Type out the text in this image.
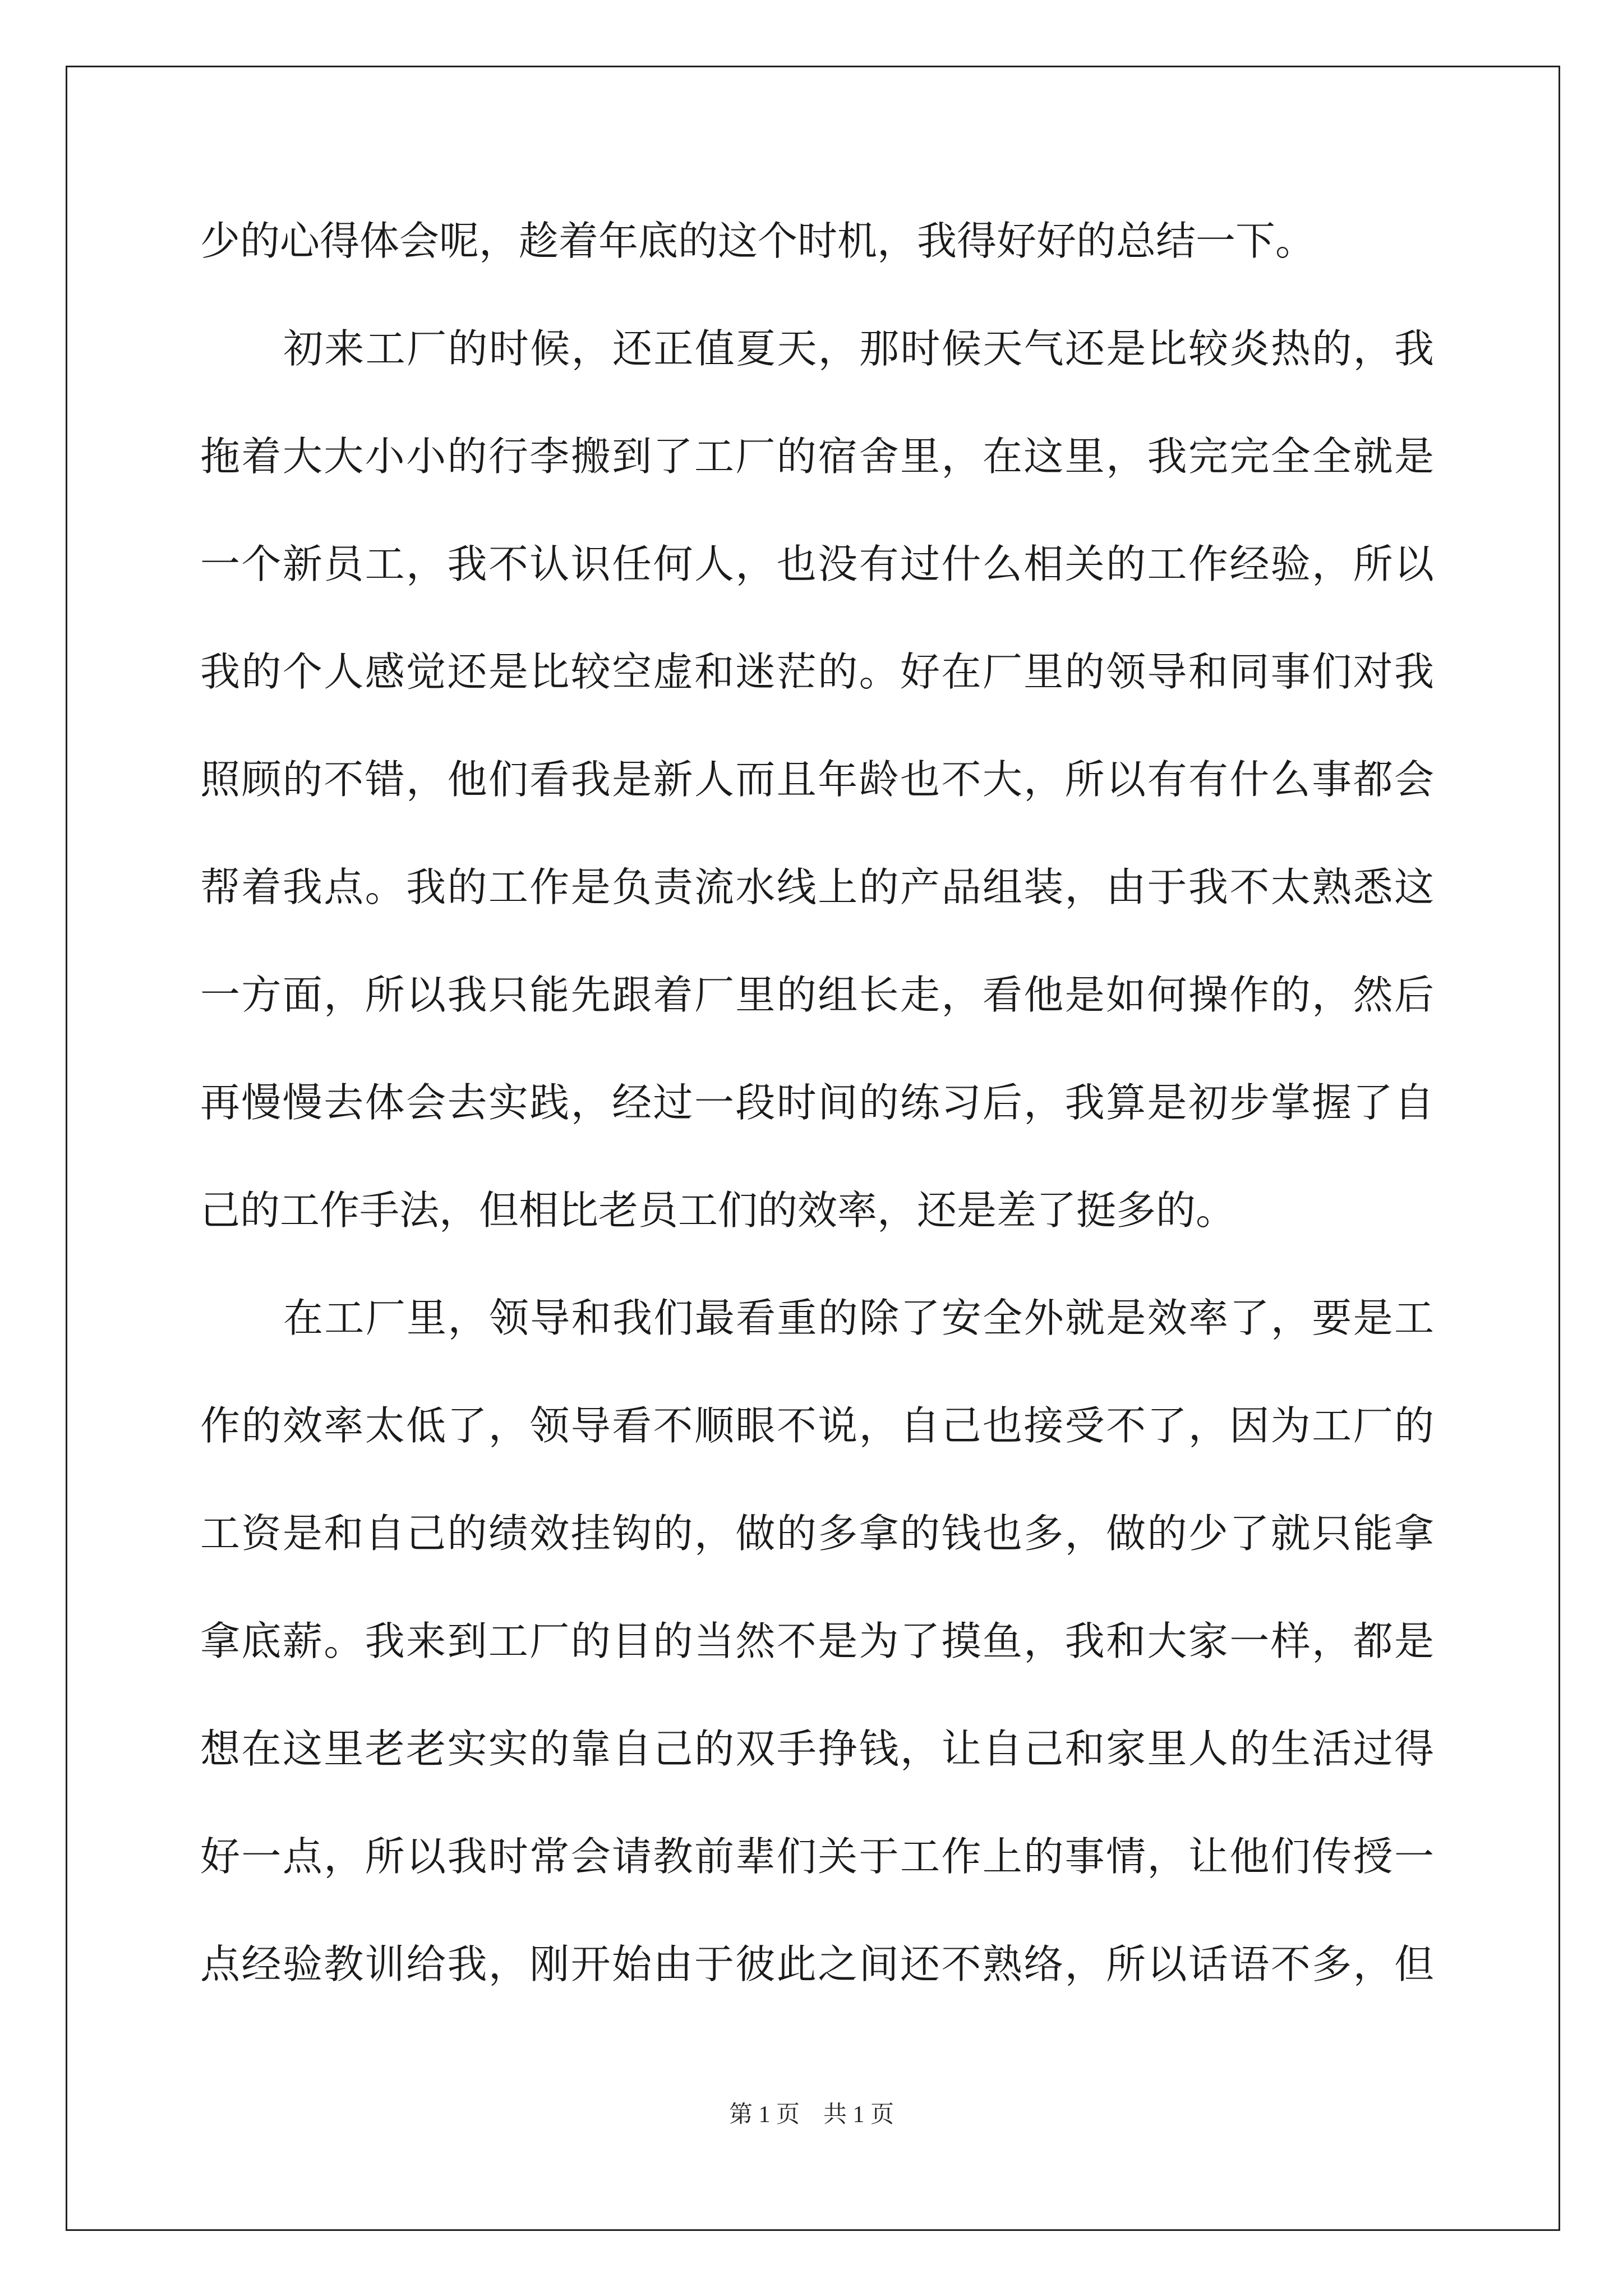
少的心得体会呢，趁着年底的这个时机，我得好好的总结一下。
初来工厂的时候，还正值夏天，那时候天气还是比较炎热的，我
拖着大大小小的行李搬到了工厂的宿舍里，在这里，我完完全全就是
一个新员工，我不认识任何人，也没有过什么相关的工作经验，所以
我的个人感觉还是比较空虚和迷茫的。好在厂里的领导和同事们对我
照顾的不错，他们看我是新人而且年龄也不大，所以有有什么事都会
帮着我点。我的工作是负责流水线上的产品组装，由于我不太熟悉这
一方面，所以我只能先跟着厂里的组长走，看他是如何操作的，然后
再慢慢去体会去实践，经过一段时间的练习后，我算是初步掌握了自
己的工作手法，但相比老员工们的效率，还是差了挺多的。
在工厂里，领导和我们最看重的除了安全外就是效率了，要是工
作的效率太低了，领导看不顺眼不说，自己也接受不了，因为工厂的
工资是和自己的绩效挂钩的，做的多拿的钱也多，做的少了就只能拿
拿底薪。我来到工厂的目的当然不是为了摸鱼，我和大家一样，都是
想在这里老老实实的靠自己的双手挣钱，让自己和家里人的生活过得
好一点，所以我时常会请教前辈们关于工作上的事情，让他们传授一
点经验教训给我，刚开始由于彼此之间还不熟络，所以话语不多，但
第 1 页　共 1 页
